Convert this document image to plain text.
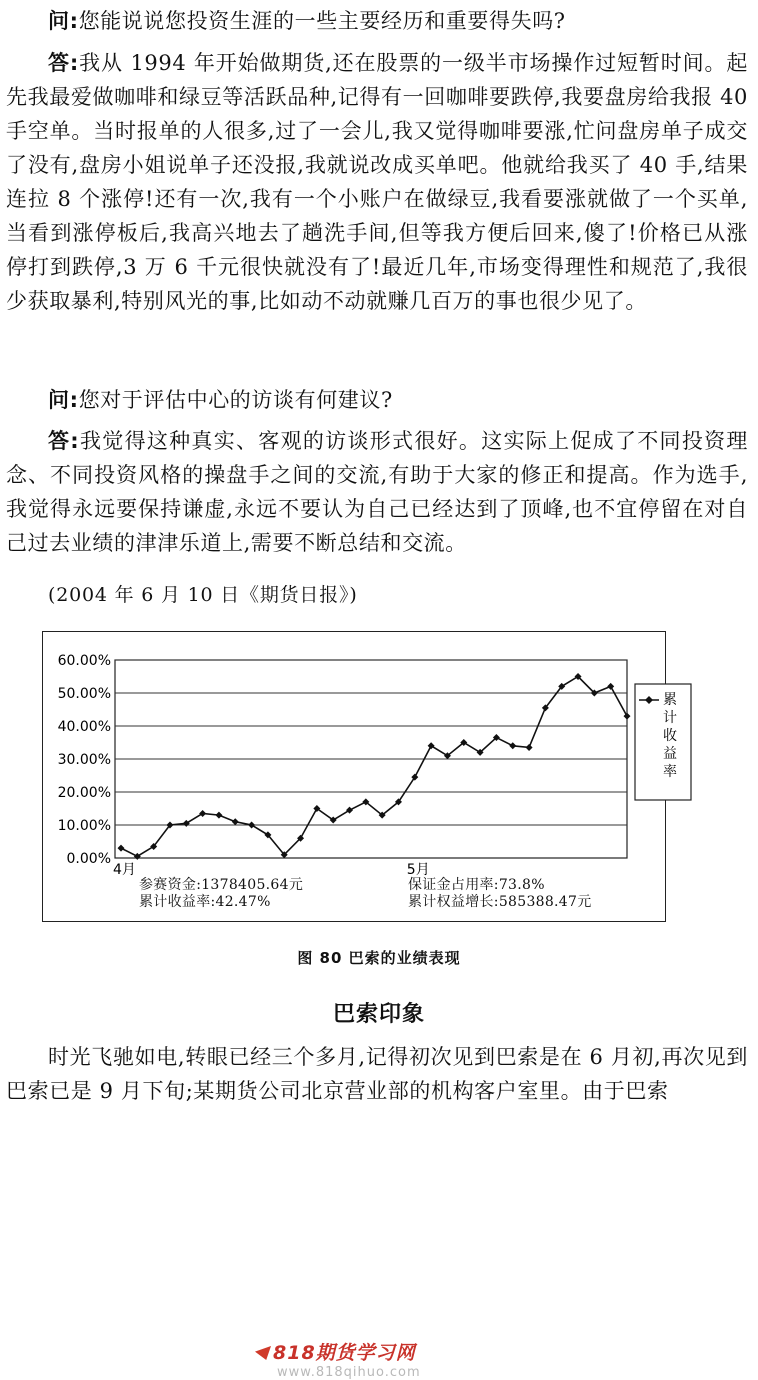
问:您能说说您投资生涯的一些主要经历和重要得失吗?

答:我从 1994 年开始做期货,还在股票的一级半市场操作过短暂时间。起先我最爱做咖啡和绿豆等活跃品种,记得有一回咖啡要跌停,我要盘房给我报 40 手空单。当时报单的人很多,过了一会儿,我又觉得咖啡要涨,忙问盘房单子成交了没有,盘房小姐说单子还没报,我就说改成买单吧。他就给我买了 40 手,结果连拉 8 个涨停!还有一次,我有一个小账户在做绿豆,我看要涨就做了一个买单,当看到涨停板后,我高兴地去了趟洗手间,但等我方便后回来,傻了!价格已从涨停打到跌停,3 万 6 千元很快就没有了!最近几年,市场变得理性和规范了,我很少获取暴利,特别风光的事,比如动不动就赚几百万的事也很少见了。

问:您对于评估中心的访谈有何建议?

答:我觉得这种真实、客观的访谈形式很好。这实际上促成了不同投资理念、不同投资风格的操盘手之间的交流,有助于大家的修正和提高。作为选手,我觉得永远要保持谦虚,永远不要认为自己已经达到了顶峰,也不宜停留在对自己过去业绩的津津乐道上,需要不断总结和交流。

(2004 年 6 月 10 日《期货日报》)
0.00%
10.00%
20.00%
30.00%
40.00%
50.00%
60.00%
4月	5月
累计收益率
818期货学习网
www.818qihuo.com
参赛资金:1378405.64元
累计收益率:42.47%
保证金占用率:73.8%
累计权益增长:585388.47元
图 80 巴索的业绩表现
巴索印象

时光飞驰如电,转眼已经三个多月,记得初次见到巴索是在 6 月初,再次见到巴索已是 9 月下旬;某期货公司北京营业部的机构客户室里。由于巴索
